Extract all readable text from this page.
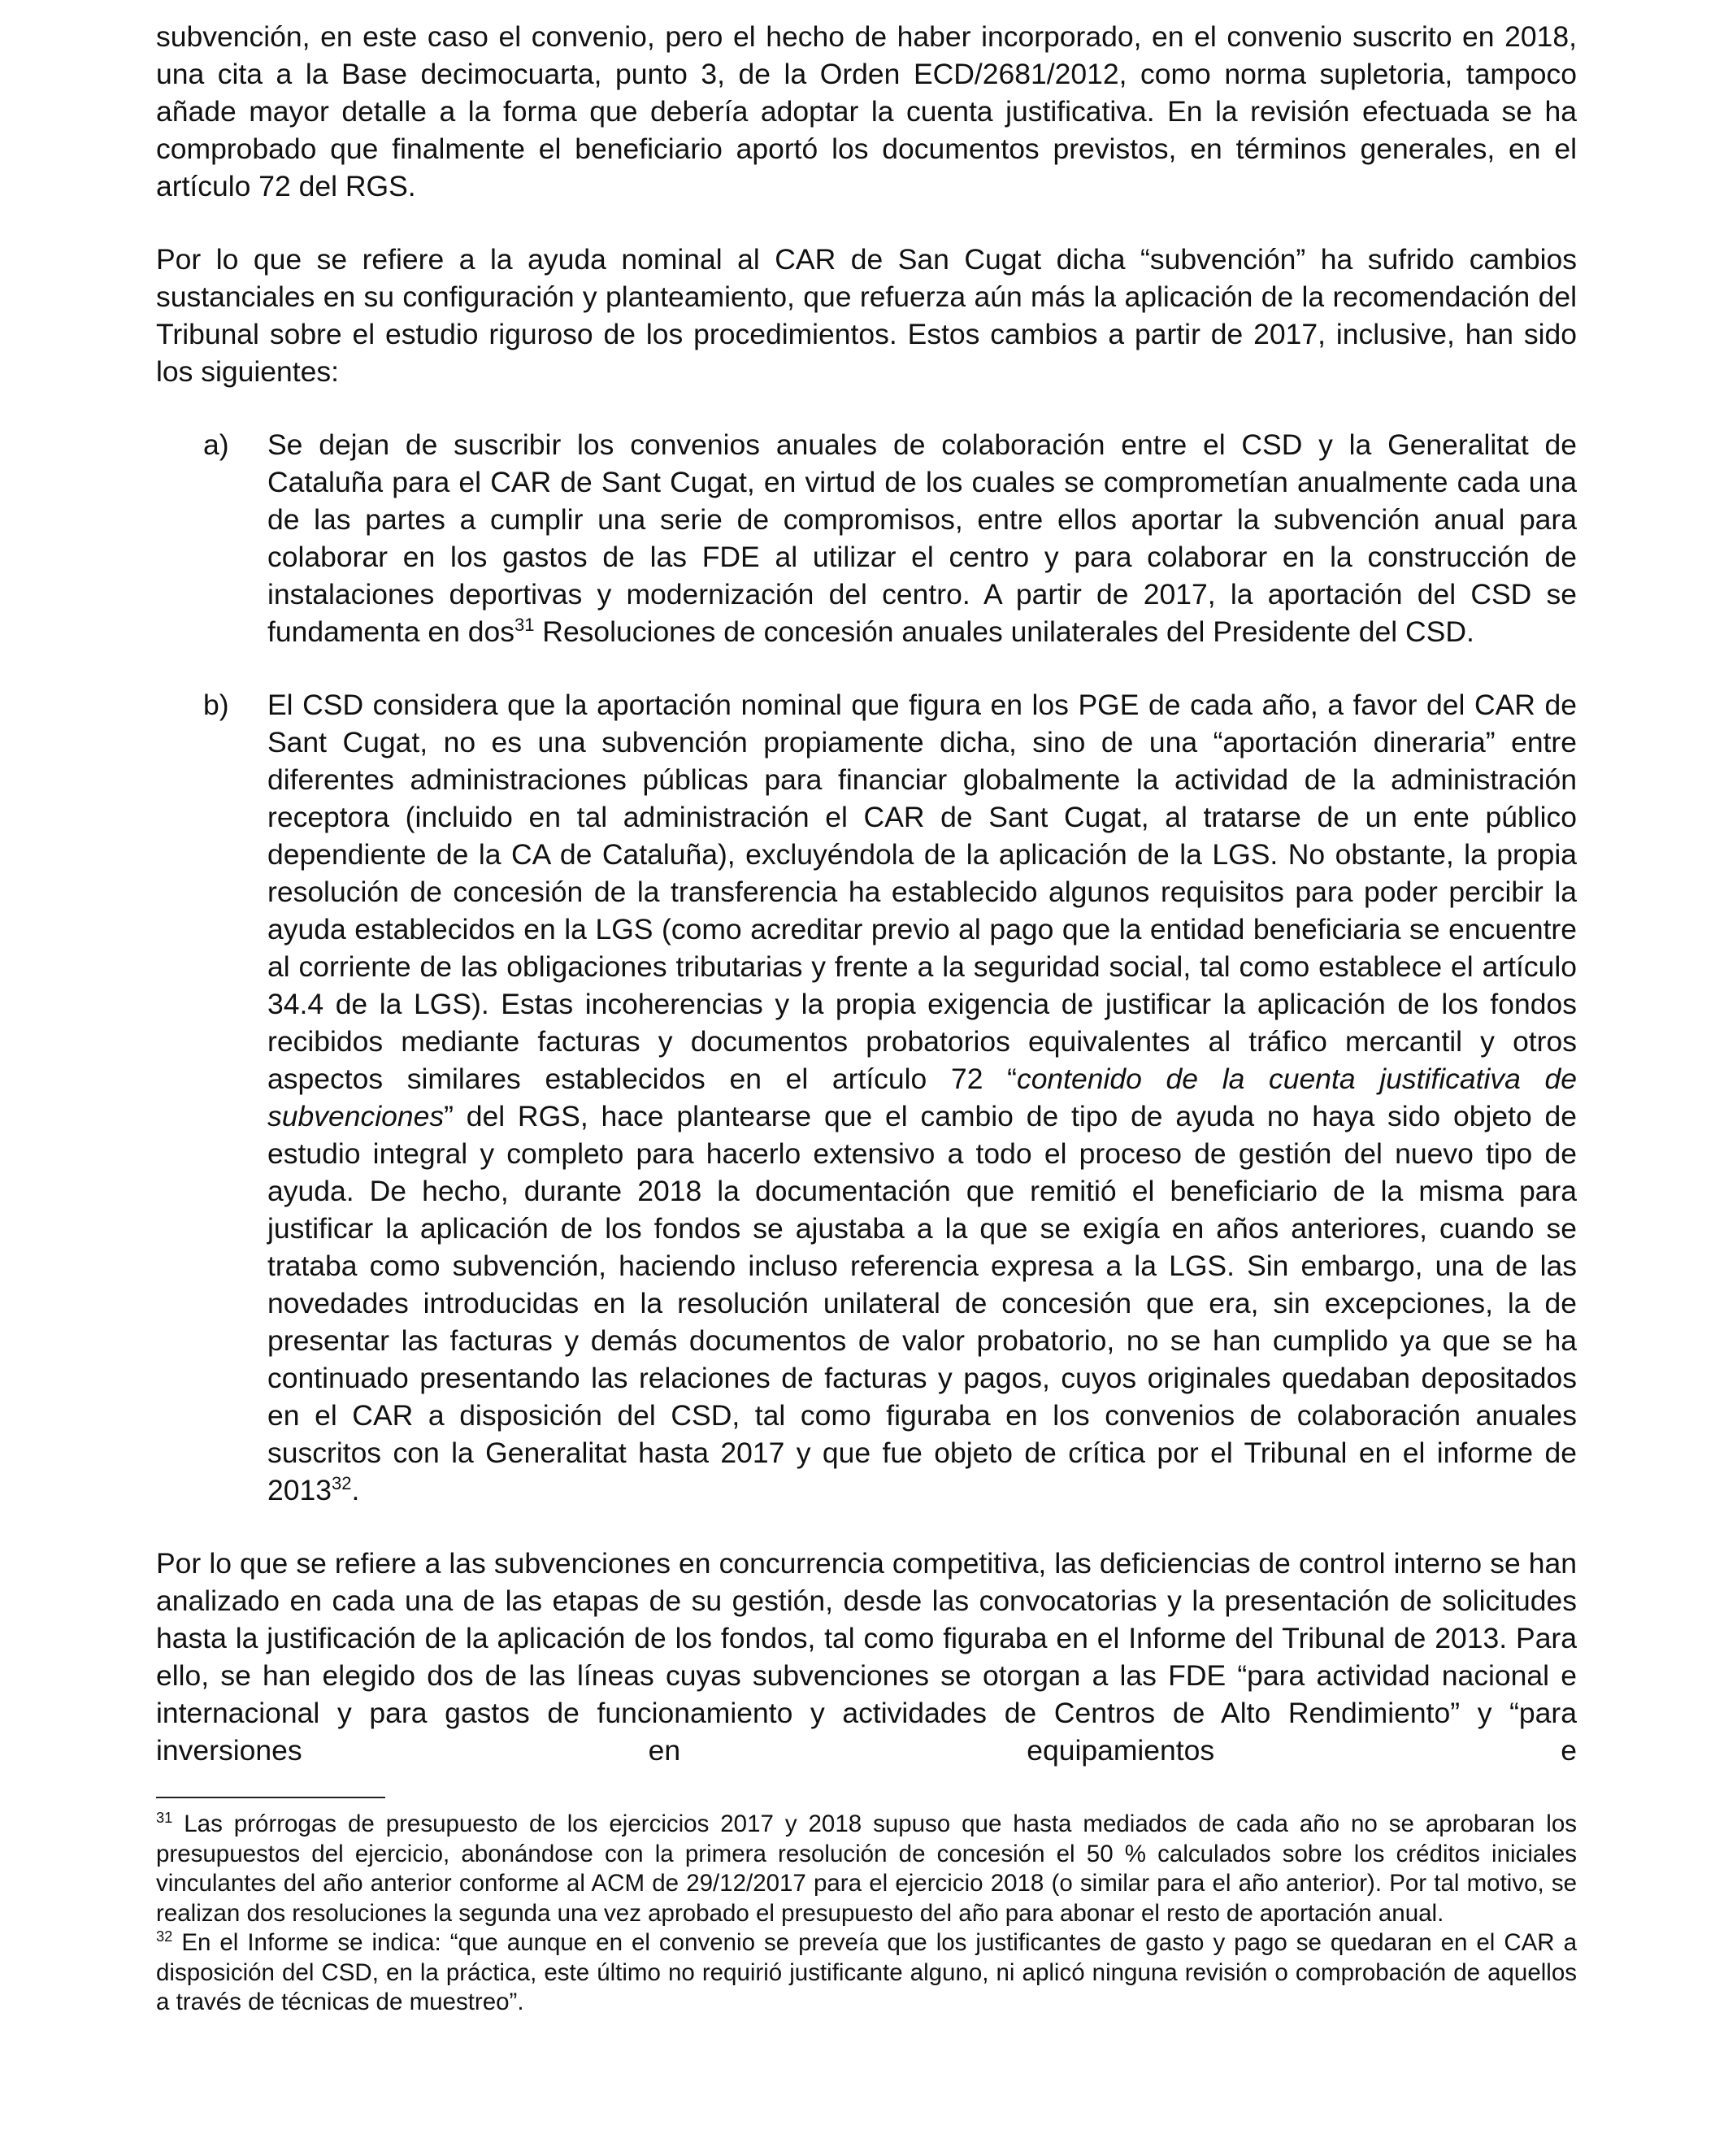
subvención, en este caso el convenio, pero el hecho de haber incorporado, en el convenio suscrito en 2018, una cita a la Base decimocuarta, punto 3, de la Orden ECD/2681/2012, como norma supletoria, tampoco añade mayor detalle a la forma que debería adoptar la cuenta justificativa. En la revisión efectuada se ha comprobado que finalmente el beneficiario aportó los documentos previstos, en términos generales, en el artículo 72 del RGS.

Por lo que se refiere a la ayuda nominal al CAR de San Cugat dicha “subvención” ha sufrido cambios sustanciales en su configuración y planteamiento, que refuerza aún más la aplicación de la recomendación del Tribunal sobre el estudio riguroso de los procedimientos. Estos cambios a partir de 2017, inclusive, han sido los siguientes:

a)	Se dejan de suscribir los convenios anuales de colaboración entre el CSD y la Generalitat de Cataluña para el CAR de Sant Cugat, en virtud de los cuales se comprometían anualmente cada una de las partes a cumplir una serie de compromisos, entre ellos aportar la subvención anual para colaborar en los gastos de las FDE al utilizar el centro y para colaborar en la construcción de instalaciones deportivas y modernización del centro. A partir de 2017, la aportación del CSD se fundamenta en dos$^{31}$ Resoluciones de concesión anuales unilaterales del Presidente del CSD.
b)	El CSD considera que la aportación nominal que figura en los PGE de cada año, a favor del CAR de Sant Cugat, no es una subvención propiamente dicha, sino de una “aportación dineraria” entre diferentes administraciones públicas para financiar globalmente la actividad de la administración receptora (incluido en tal administración el CAR de Sant Cugat, al tratarse de un ente público dependiente de la CA de Cataluña), excluyéndola de la aplicación de la LGS. No obstante, la propia resolución de concesión de la transferencia ha establecido algunos requisitos para poder percibir la ayuda establecidos en la LGS (como acreditar previo al pago que la entidad beneficiaria se encuentre al corriente de las obligaciones tributarias y frente a la seguridad social, tal como establece el artículo 34.4 de la LGS). Estas incoherencias y la propia exigencia de justificar la aplicación de los fondos recibidos mediante facturas y documentos probatorios equivalentes al tráfico mercantil y otros aspectos similares establecidos en el artículo 72 “contenido de la cuenta justificativa de subvenciones” del RGS, hace plantearse que el cambio de tipo de ayuda no haya sido objeto de estudio integral y completo para hacerlo extensivo a todo el proceso de gestión del nuevo tipo de ayuda. De hecho, durante 2018 la documentación que remitió el beneficiario de la misma para justificar la aplicación de los fondos se ajustaba a la que se exigía en años anteriores, cuando se trataba como subvención, haciendo incluso referencia expresa a la LGS. Sin embargo, una de las novedades introducidas en la resolución unilateral de concesión que era, sin excepciones, la de presentar las facturas y demás documentos de valor probatorio, no se han cumplido ya que se ha continuado presentando las relaciones de facturas y pagos, cuyos originales quedaban depositados en el CAR a disposición del CSD, tal como figuraba en los convenios de colaboración anuales suscritos con la Generalitat hasta 2017 y que fue objeto de crítica por el Tribunal en el informe de 2013$^{32}$.

Por lo que se refiere a las subvenciones en concurrencia competitiva, las deficiencias de control interno se han analizado en cada una de las etapas de su gestión, desde las convocatorias y la presentación de solicitudes hasta la justificación de la aplicación de los fondos, tal como figuraba en el Informe del Tribunal de 2013. Para ello, se han elegido dos de las líneas cuyas subvenciones se otorgan a las FDE “para actividad nacional e internacional y para gastos de funcionamiento y actividades de Centros de Alto Rendimiento” y “para inversiones en equipamientos e

$^{31}$ Las prórrogas de presupuesto de los ejercicios 2017 y 2018 supuso que hasta mediados de cada año no se aprobaran los presupuestos del ejercicio, abonándose con la primera resolución de concesión el 50 % calculados sobre los créditos iniciales vinculantes del año anterior conforme al ACM de 29/12/2017 para el ejercicio 2018 (o similar para el año anterior). Por tal motivo, se realizan dos resoluciones la segunda una vez aprobado el presupuesto del año para abonar el resto de aportación anual.

$^{32}$ En el Informe se indica: “que aunque en el convenio se preveía que los justificantes de gasto y pago se quedaran en el CAR a disposición del CSD, en la práctica, este último no requirió justificante alguno, ni aplicó ninguna revisión o comprobación de aquellos a través de técnicas de muestreo”.
